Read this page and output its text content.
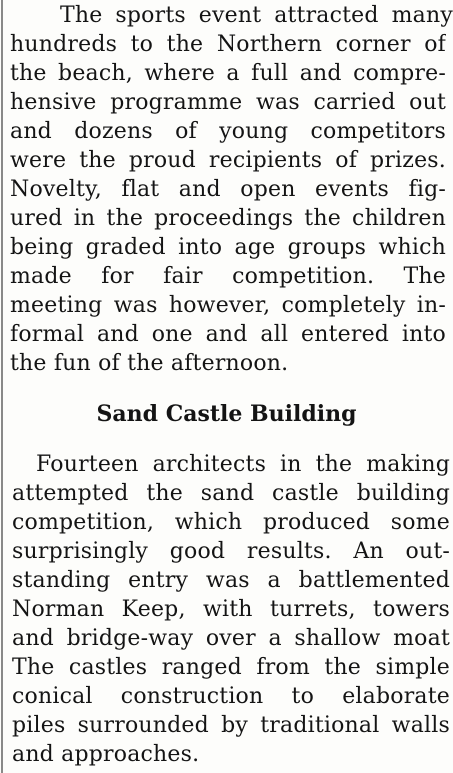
The sports event attracted many
hundreds to the Northern corner of
the beach, where a full and compre-
hensive programme was carried out
and dozens of young competitors
were the proud recipients of prizes.
Novelty, flat and open events fig-
ured in the proceedings the children
being graded into age groups which
made for fair competition. The
meeting was however, completely in-
formal and one and all entered into
the fun of the afternoon.
Sand Castle Building
Fourteen architects in the making
attempted the sand castle building
competition, which produced some
surprisingly good results. An out-
standing entry was a battlemented
Norman Keep, with turrets, towers
and bridge-way over a shallow moat
The castles ranged from the simple
conical construction to elaborate
piles surrounded by traditional walls
and approaches.
